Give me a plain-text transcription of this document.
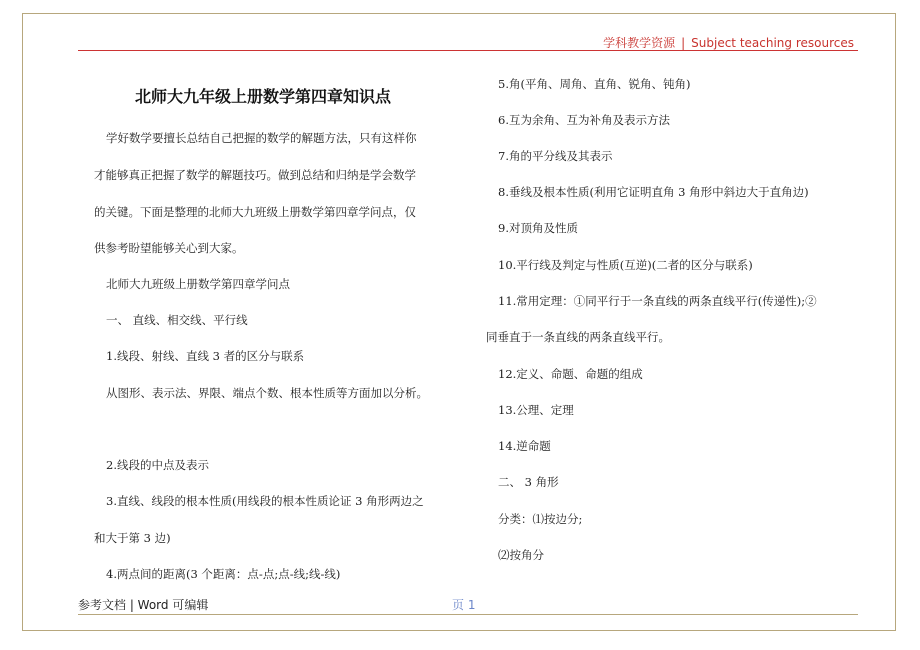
学科教学资源 | Subject teaching resources
北师大九年级上册数学第四章知识点
学好数学要擅长总结自己把握的数学的解题方法，只有这样你
才能够真正把握了数学的解题技巧。做到总结和归纳是学会数学
的关键。下面是整理的北师大九班级上册数学第四章学问点，仅
供参考盼望能够关心到大家。
北师大九班级上册数学第四章学问点
一、 直线、相交线、平行线
1.线段、射线、直线 3 者的区分与联系
从图形、表示法、界限、端点个数、根本性质等方面加以分析。
2.线段的中点及表示
3.直线、线段的根本性质(用线段的根本性质论证 3 角形两边之
和大于第 3 边)
4.两点间的距离(3 个距离：点-点;点-线;线-线)
5.角(平角、周角、直角、锐角、钝角)
6.互为余角、互为补角及表示方法
7.角的平分线及其表示
8.垂线及根本性质(利用它证明直角 3 角形中斜边大于直角边)
9.对顶角及性质
10.平行线及判定与性质(互逆)(二者的区分与联系)
11.常用定理：①同平行于一条直线的两条直线平行(传递性);②
同垂直于一条直线的两条直线平行。
12.定义、命题、命题的组成
13.公理、定理
14.逆命题
二、 3 角形
分类：⑴按边分;
⑵按角分
参考文档 | Word 可编辑	页 1
